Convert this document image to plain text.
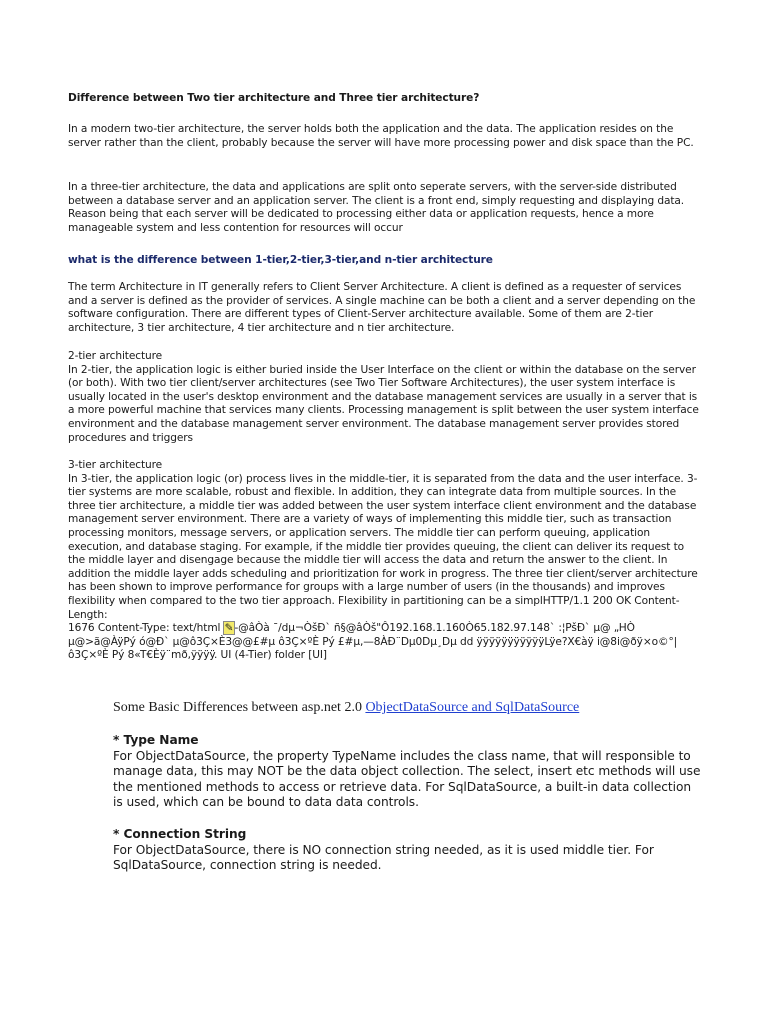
Difference between Two tier architecture and Three tier architecture?

In a modern two-tier architecture, the server holds both the application and the data. The application resides on the server rather than the client, probably because the server will have more processing power and disk space than the PC.

In a three-tier architecture, the data and applications are split onto seperate servers, with the server-side distributed between a database server and an application server. The client is a front end, simply requesting and displaying data. Reason being that each server will be dedicated to processing either data or application requests, hence a more manageable system and less contention for resources will occur

what is the difference between 1-tier,2-tier,3-tier,and n-tier architecture

The term Architecture in IT generally refers to Client Server Architecture. A client is defined as a requester of services and a server is defined as the provider of services. A single machine can be both a client and a server depending on the software configuration. There are different types of Client-Server architecture available. Some of them are 2-tier architecture, 3 tier architecture, 4 tier architecture and n tier architecture.

2-tier architecture
In 2-tier, the application logic is either buried inside the User Interface on the client or within the database on the server (or both). With two tier client/server architectures (see Two Tier Software Architectures), the user system interface is usually located in the user's desktop environment and the database management services are usually in a server that is a more powerful machine that services many clients. Processing management is split between the user system interface environment and the database management server environment. The database management server provides stored procedures and triggers
3-tier architecture
In 3-tier, the application logic (or) process lives in the middle-tier, it is separated from the data and the user interface. 3-tier systems are more scalable, robust and flexible. In addition, they can integrate data from multiple sources. In the three tier architecture, a middle tier was added between the user system interface client environment and the database management server environment. There are a variety of ways of implementing this middle tier, such as transaction processing monitors, message servers, or application servers. The middle tier can perform queuing, application execution, and database staging. For example, if the middle tier provides queuing, the client can deliver its request to the middle layer and disengage because the middle tier will access the data and return the answer to the client. In addition the middle layer adds scheduling and prioritization for work in progress. The three tier client/server architecture has been shown to improve performance for groups with a large number of users (in the thousands) and improves flexibility when compared to the two tier approach. Flexibility in partitioning can be a simplHTTP/1.1 200 OK Content-Length:
1676 Content-Type: text/html ✎-@âÒà ¯/dµ¬ÒšÐ` ñ§@âÒš"Ô192.168.1.160Ò65.182.97.148` :¦PšÐ` µ@ „HÒ µ@>ã@ÀÿPý ó@Ð` µ@ô3Ç×È3@@£#µ ô3Ç×ºÈ Pý £#µ,—8ÀÐ¨Dµ0Dµ¸Dµ dd ÿÿÿÿÿÿÿÿÿÿÿLÿe?X€àÿ i@8i@ðÿ×o©°|ô3Ç×ºÈ Pý 8«T€Èÿ¨mð,ÿÿÿÿ. UI (4-Tier) folder [UI]

Some Basic Differences between asp.net 2.0 ObjectDataSource and SqlDataSource

* Type Name
For ObjectDataSource, the property TypeName includes the class name, that will responsible to manage data, this may NOT be the data object collection. The select, insert etc methods will use the mentioned methods to access or retrieve data. For SqlDataSource, a built-in data collection is used, which can be bound to data data controls.
* Connection String
For ObjectDataSource, there is NO connection string needed, as it is used middle tier. For SqlDataSource, connection string is needed.
